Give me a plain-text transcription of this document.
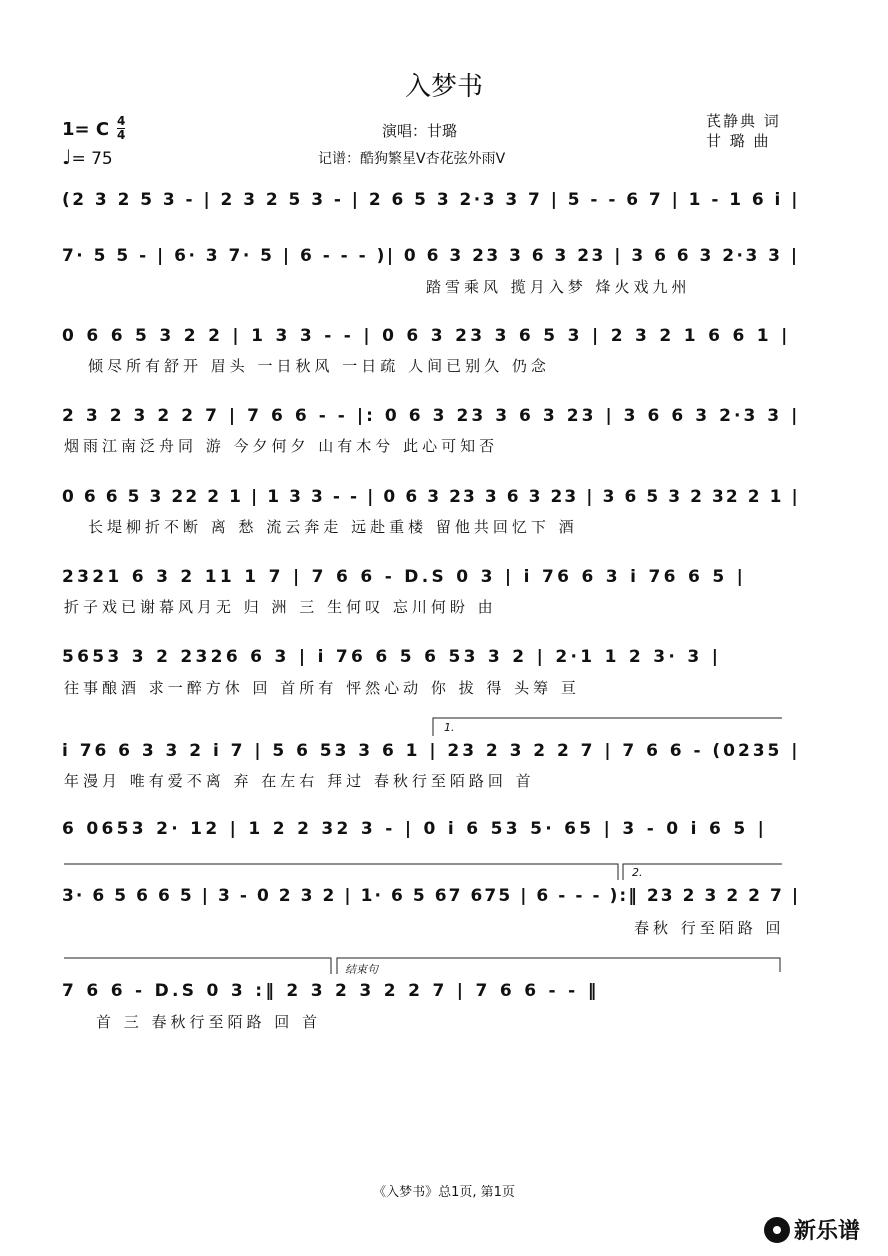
入梦书
1= C $\frac{4}{4}$
♩= 75
演唱：甘璐
记谱：酷狗繁星V杏花弦外雨V
芪静典 词
甘 璐 曲
(2 3 2 5 3 - | 2 3 2 5 3 - | 2 6 5 3 2·3 3 7 | 5 - - 6 7 | 1 - 1 6 i |
7· 5 5 - | 6· 3 7· 5 | 6 - - - )| 0 6 3 23 3 6 3 23 | 3 6 6 3 2·3 3 |
踏雪乘风 揽月入梦 烽火戏九州
0 6 6 5 3 2 2 | 1 3 3 - - | 0 6 3 23 3 6 5 3 | 2 3 2 1 6 6 1 |
倾尽所有舒开 眉头 一日秋风 一日疏 人间已别久 仍念
2 3 2 3 2 2 7 | 7 6 6 - - |: 0 6 3 23 3 6 3 23 | 3 6 6 3 2·3 3 |
烟雨江南泛舟同 游 今夕何夕 山有木兮 此心可知否
0 6 6 5 3 22 2 1 | 1 3 3 - - | 0 6 3 23 3 6 3 23 | 3 6 5 3 2 32 2 1 |
长堤柳折不断 离 愁 流云奔走 远赴重楼 留他共回忆下 酒
2321 6 3 2 11 1 7 | 7 6 6 - D.S 0 3 | i 76 6 3 i 76 6 5 |
折子戏已谢幕风月无 归 洲 三 生何叹 忘川何盼 由
5653 3 2 2326 6 3 | i 76 6 5 6 53 3 2 | 2·1 1 2 3· 3 |
往事酿酒 求一醉方休 回 首所有 怦然心动 你 拔 得 头筹 亘
i 76 6 3 3 2 i 7 | 5 6 53 3 6 1 | 23 2 3 2 2 7 | 7 6 6 - (0235 |
年漫月 唯有爱不离 弃 在左右 拜过 春秋行至陌路回 首
6 0653 2· 12 | 1 2 2 32 3 - | 0 i 6 53 5· 65 | 3 - 0 i 6 5 |
3· 6 5 6 6 5 | 3 - 0 2 3 2 | 1· 6 5 67 675 | 6 - - - ):‖ 23 2 3 2 2 7 |
春秋 行至陌路 回
7 6 6 - D.S 0 3 :‖ 2 3 2 3 2 2 7 | 7 6 6 - - ‖
首 三 春秋行至陌路 回 首
1.
2.
结束句
《入梦书》总1页, 第1页
新乐谱
